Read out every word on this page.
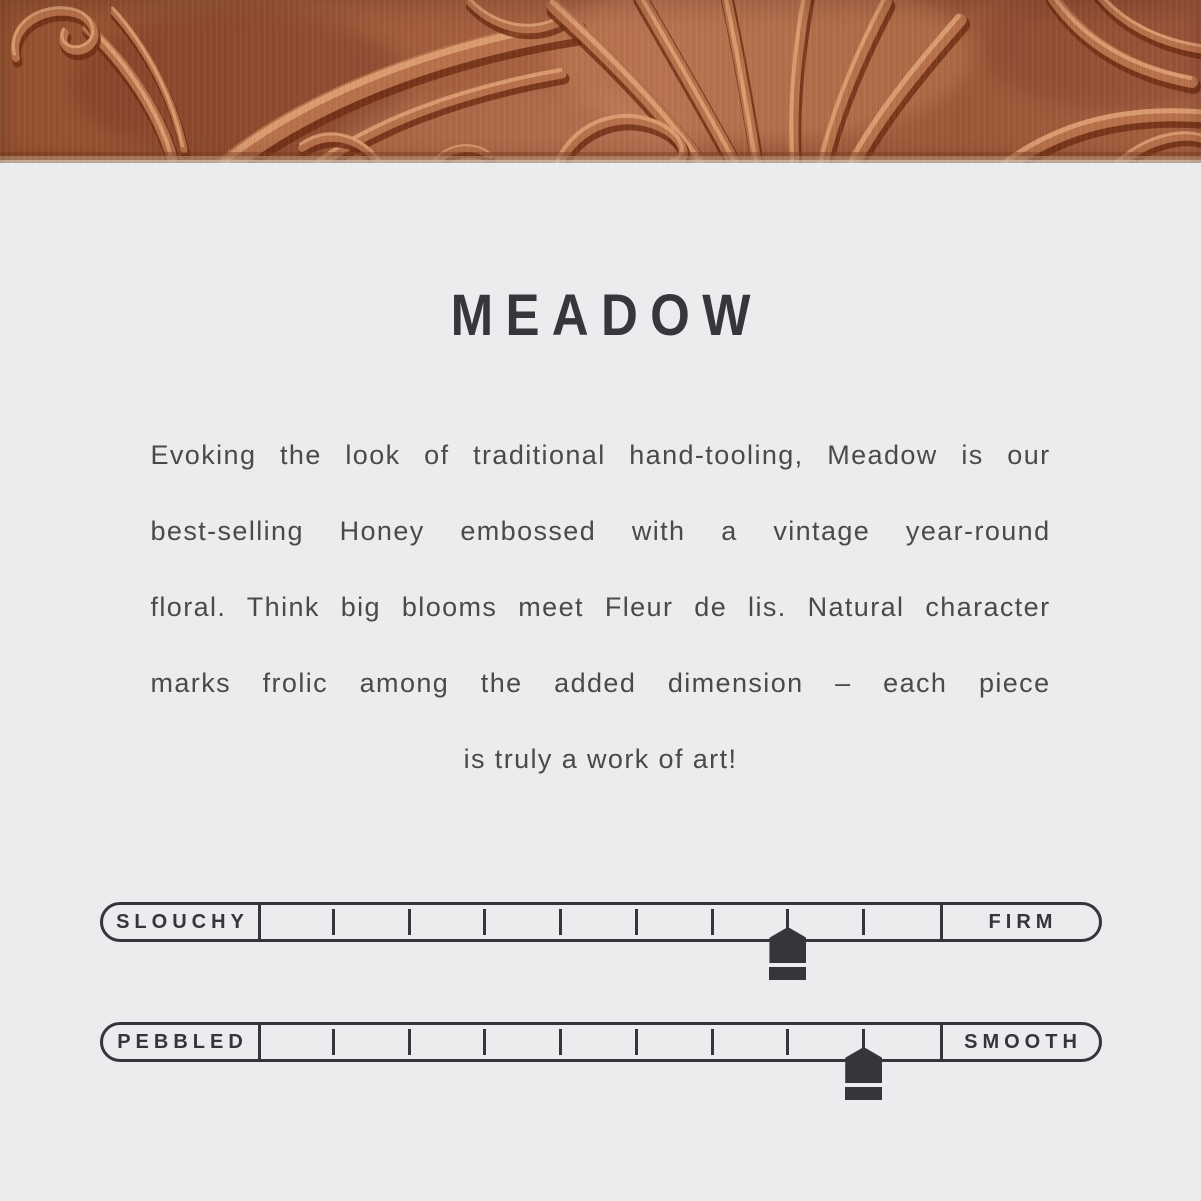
MEADOW
Evoking the look of traditional hand-tooling, Meadow is our
best-selling Honey embossed with a vintage year-round
floral. Think big blooms meet Fleur de lis. Natural character
marks frolic among the added dimension – each piece
is truly a work of art!
SLOUCHY	FIRM
PEBBLED	SMOOTH
